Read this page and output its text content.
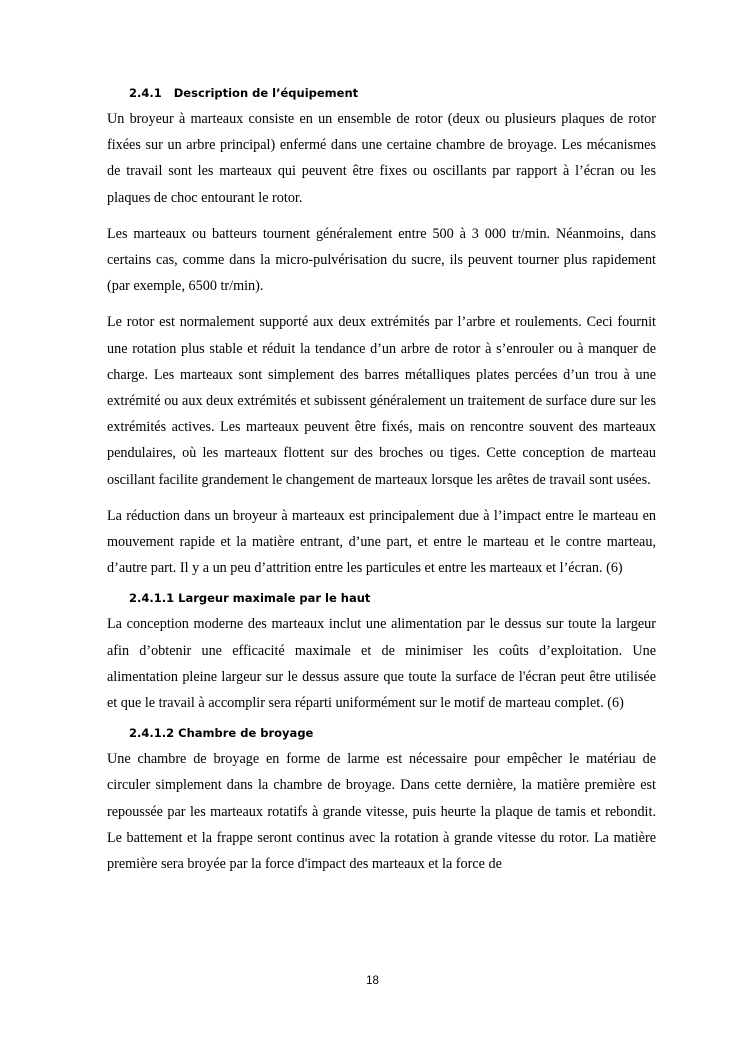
2.4.1 Description de l’équipement

Un broyeur à marteaux consiste en un ensemble de rotor (deux ou plusieurs plaques de rotor fixées sur un arbre principal) enfermé dans une certaine chambre de broyage. Les mécanismes de travail sont les marteaux qui peuvent être fixes ou oscillants par rapport à l’écran ou les plaques de choc entourant le rotor.

Les marteaux ou batteurs tournent généralement entre 500 à 3 000 tr/min. Néanmoins, dans certains cas, comme dans la micro-pulvérisation du sucre, ils peuvent tourner plus rapidement (par exemple, 6500 tr/min).

Le rotor est normalement supporté aux deux extrémités par l’arbre et roulements. Ceci fournit une rotation plus stable et réduit la tendance d’un arbre de rotor à s’enrouler ou à manquer de charge. Les marteaux sont simplement des barres métalliques plates percées d’un trou à une extrémité ou aux deux extrémités et subissent généralement un traitement de surface dure sur les extrémités actives. Les marteaux peuvent être fixés, mais on rencontre souvent des marteaux pendulaires, où les marteaux flottent sur des broches ou tiges. Cette conception de marteau oscillant facilite grandement le changement de marteaux lorsque les arêtes de travail sont usées.

La réduction dans un broyeur à marteaux est principalement due à l’impact entre le marteau en mouvement rapide et la matière entrant, d’une part, et entre le marteau et le contre marteau, d’autre part. Il y a un peu d’attrition entre les particules et entre les marteaux et l’écran. (6)

2.4.1.1 Largeur maximale par le haut

La conception moderne des marteaux inclut une alimentation par le dessus sur toute la largeur afin d’obtenir une efficacité maximale et de minimiser les coûts d’exploitation. Une alimentation pleine largeur sur le dessus assure que toute la surface de l'écran peut être utilisée et que le travail à accomplir sera réparti uniformément sur le motif de marteau complet. (6)

2.4.1.2 Chambre de broyage

Une chambre de broyage en forme de larme est nécessaire pour empêcher le matériau de circuler simplement dans la chambre de broyage. Dans cette dernière, la matière première est repoussée par les marteaux rotatifs à grande vitesse, puis heurte la plaque de tamis et rebondit. Le battement et la frappe seront continus avec la rotation à grande vitesse du rotor. La matière première sera broyée par la force d'impact des marteaux et la force de

18
